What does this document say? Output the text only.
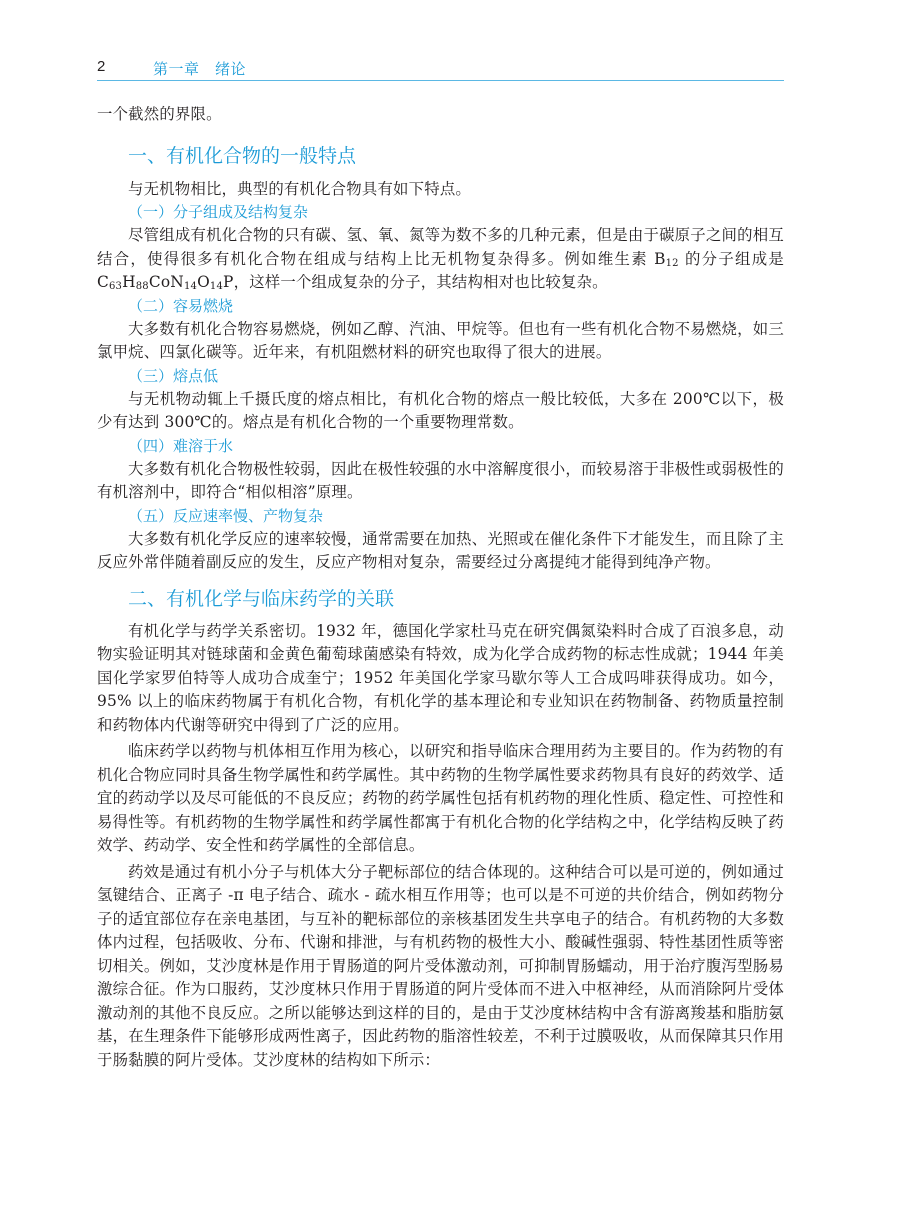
2	第一章　绪论

一个截然的界限。

一、有机化合物的一般特点

与无机物相比，典型的有机化合物具有如下特点。

（一）分子组成及结构复杂

尽管组成有机化合物的只有碳、氢、氧、氮等为数不多的几种元素，但是由于碳原子之间的相互结合，使得很多有机化合物在组成与结构上比无机物复杂得多。例如维生素 $B_{12}$ 的分子组成是 $C_{63}H_{88}CoN_{14}O_{14}P$，这样一个组成复杂的分子，其结构相对也比较复杂。

（二）容易燃烧

大多数有机化合物容易燃烧，例如乙醇、汽油、甲烷等。但也有一些有机化合物不易燃烧，如三氯甲烷、四氯化碳等。近年来，有机阻燃材料的研究也取得了很大的进展。

（三）熔点低

与无机物动辄上千摄氏度的熔点相比，有机化合物的熔点一般比较低，大多在 200℃以下，极少有达到 300℃的。熔点是有机化合物的一个重要物理常数。

（四）难溶于水

大多数有机化合物极性较弱，因此在极性较强的水中溶解度很小，而较易溶于非极性或弱极性的有机溶剂中，即符合“相似相溶”原理。

（五）反应速率慢、产物复杂

大多数有机化学反应的速率较慢，通常需要在加热、光照或在催化条件下才能发生，而且除了主反应外常伴随着副反应的发生，反应产物相对复杂，需要经过分离提纯才能得到纯净产物。

二、有机化学与临床药学的关联

有机化学与药学关系密切。1932 年，德国化学家杜马克在研究偶氮染料时合成了百浪多息，动物实验证明其对链球菌和金黄色葡萄球菌感染有特效，成为化学合成药物的标志性成就；1944 年美国化学家罗伯特等人成功合成奎宁；1952 年美国化学家马歇尔等人工合成吗啡获得成功。如今，95% 以上的临床药物属于有机化合物，有机化学的基本理论和专业知识在药物制备、药物质量控制和药物体内代谢等研究中得到了广泛的应用。

临床药学以药物与机体相互作用为核心，以研究和指导临床合理用药为主要目的。作为药物的有机化合物应同时具备生物学属性和药学属性。其中药物的生物学属性要求药物具有良好的药效学、适宜的药动学以及尽可能低的不良反应；药物的药学属性包括有机药物的理化性质、稳定性、可控性和易得性等。有机药物的生物学属性和药学属性都寓于有机化合物的化学结构之中，化学结构反映了药效学、药动学、安全性和药学属性的全部信息。

药效是通过有机小分子与机体大分子靶标部位的结合体现的。这种结合可以是可逆的，例如通过氢键结合、正离子 -π 电子结合、疏水 - 疏水相互作用等；也可以是不可逆的共价结合，例如药物分子的适宜部位存在亲电基团，与互补的靶标部位的亲核基团发生共享电子的结合。有机药物的大多数体内过程，包括吸收、分布、代谢和排泄，与有机药物的极性大小、酸碱性强弱、特性基团性质等密切相关。例如，艾沙度林是作用于胃肠道的阿片受体激动剂，可抑制胃肠蠕动，用于治疗腹泻型肠易激综合征。作为口服药，艾沙度林只作用于胃肠道的阿片受体而不进入中枢神经，从而消除阿片受体激动剂的其他不良反应。之所以能够达到这样的目的，是由于艾沙度林结构中含有游离羧基和脂肪氨基，在生理条件下能够形成两性离子，因此药物的脂溶性较差，不利于过膜吸收，从而保障其只作用于肠黏膜的阿片受体。艾沙度林的结构如下所示：
